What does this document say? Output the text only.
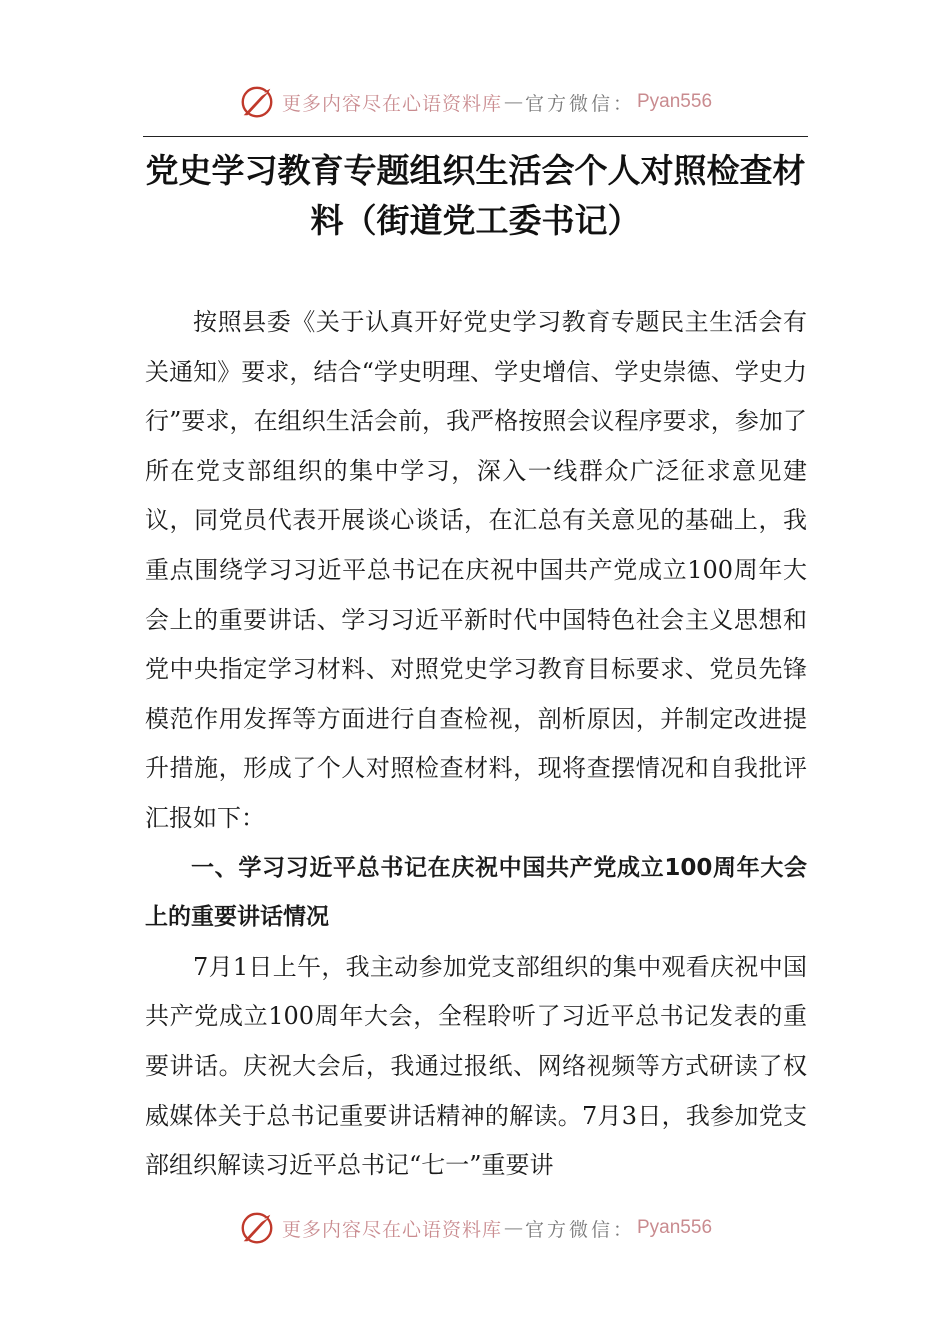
更多内容尽在心语资料库 — 官方微信： Pyan556
党史学习教育专题组织生活会个人对照检查材料（街道党工委书记）

按照县委《关于认真开好党史学习教育专题民主生活会有关通知》要求，结合“学史明理、学史增信、学史崇德、学史力行”要求，在组织生活会前，我严格按照会议程序要求，参加了所在党支部组织的集中学习，深入一线群众广泛征求意见建议，同党员代表开展谈心谈话，在汇总有关意见的基础上，我重点围绕学习习近平总书记在庆祝中国共产党成立100周年大会上的重要讲话、学习习近平新时代中国特色社会主义思想和党中央指定学习材料、对照党史学习教育目标要求、党员先锋模范作用发挥等方面进行自查检视，剖析原因，并制定改进提升措施，形成了个人对照检查材料，现将查摆情况和自我批评汇报如下：

一、学习习近平总书记在庆祝中国共产党成立100周年大会上的重要讲话情况

7月1日上午，我主动参加党支部组织的集中观看庆祝中国共产党成立100周年大会，全程聆听了习近平总书记发表的重要讲话。庆祝大会后，我通过报纸、网络视频等方式研读了权威媒体关于总书记重要讲话精神的解读。7月3日，我参加党支部组织解读习近平总书记“七一”重要讲

更多内容尽在心语资料库 — 官方微信： Pyan556
